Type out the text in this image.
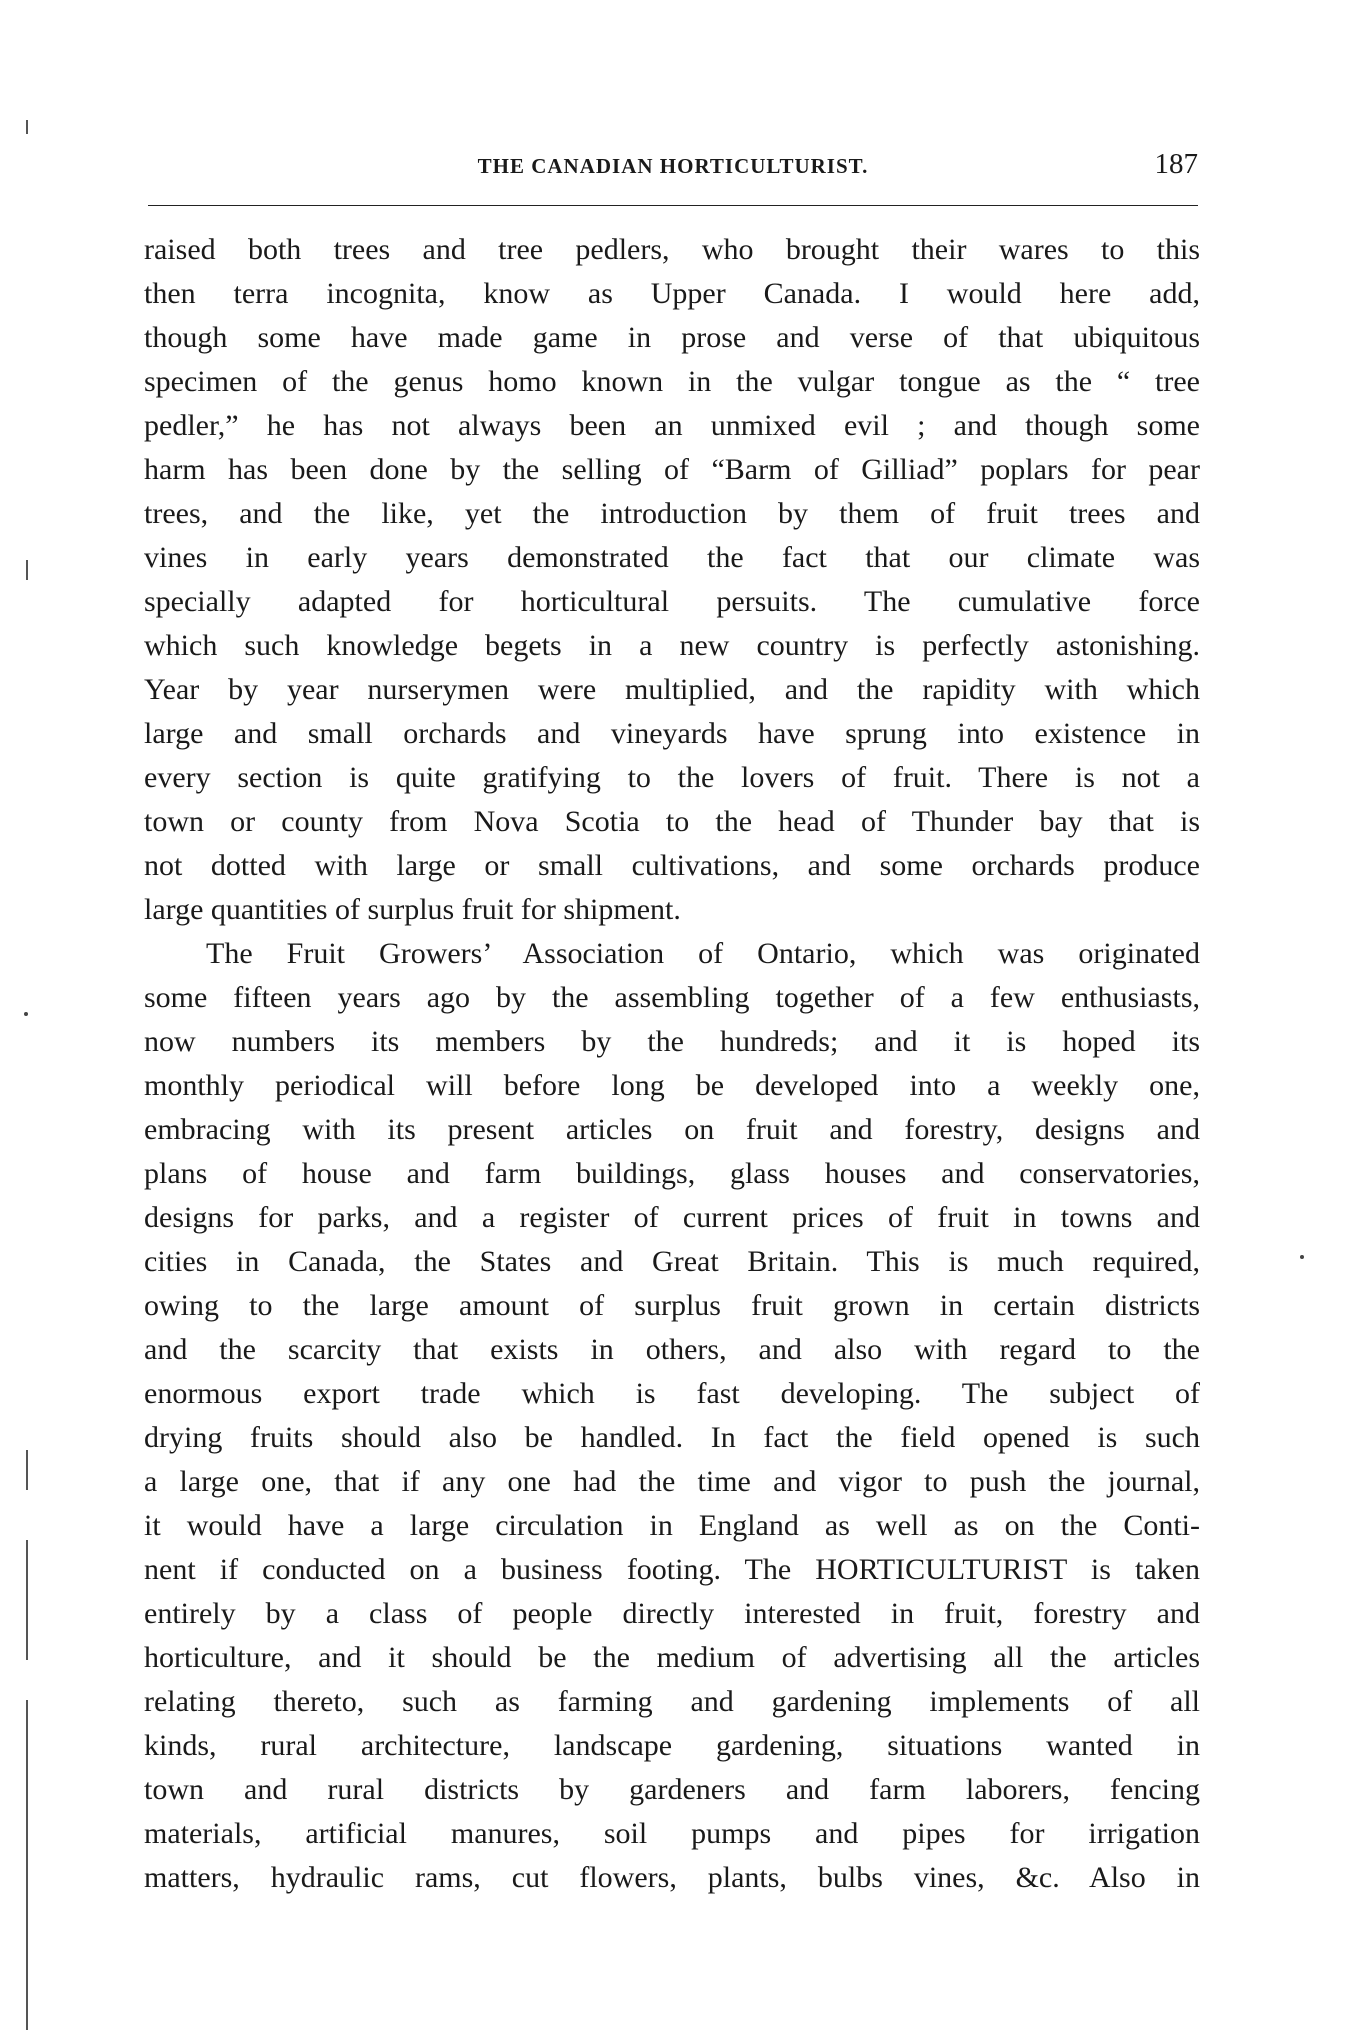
THE CANADIAN HORTICULTURIST.	187
raised both trees and tree pedlers, who brought their wares to this
then terra incognita, know as Upper Canada. I would here add,
though some have made game in prose and verse of that ubiquitous
specimen of the genus homo known in the vulgar tongue as the “ tree
pedler,” he has not always been an unmixed evil ; and though some
harm has been done by the selling of “Barm of Gilliad” poplars for pear
trees, and the like, yet the introduction by them of fruit trees and
vines in early years demonstrated the fact that our climate was
specially adapted for horticultural persuits. The cumulative force
which such knowledge begets in a new country is perfectly astonishing.
Year by year nurserymen were multiplied, and the rapidity with which
large and small orchards and vineyards have sprung into existence in
every section is quite gratifying to the lovers of fruit. There is not a
town or county from Nova Scotia to the head of Thunder bay that is
not dotted with large or small cultivations, and some orchards produce
large quantities of surplus fruit for shipment.
The Fruit Growers’ Association of Ontario, which was originated
some fifteen years ago by the assembling together of a few enthusiasts,
now numbers its members by the hundreds; and it is hoped its
monthly periodical will before long be developed into a weekly one,
embracing with its present articles on fruit and forestry, designs and
plans of house and farm buildings, glass houses and conservatories,
designs for parks, and a register of current prices of fruit in towns and
cities in Canada, the States and Great Britain. This is much required,
owing to the large amount of surplus fruit grown in certain districts
and the scarcity that exists in others, and also with regard to the
enormous export trade which is fast developing. The subject of
drying fruits should also be handled. In fact the field opened is such
a large one, that if any one had the time and vigor to push the journal,
it would have a large circulation in England as well as on the Conti-
nent if conducted on a business footing. The HORTICULTURIST is taken
entirely by a class of people directly interested in fruit, forestry and
horticulture, and it should be the medium of advertising all the articles
relating thereto, such as farming and gardening implements of all
kinds, rural architecture, landscape gardening, situations wanted in
town and rural districts by gardeners and farm laborers, fencing
materials, artificial manures, soil pumps and pipes for irrigation
matters, hydraulic rams, cut flowers, plants, bulbs vines, &c. Also in
